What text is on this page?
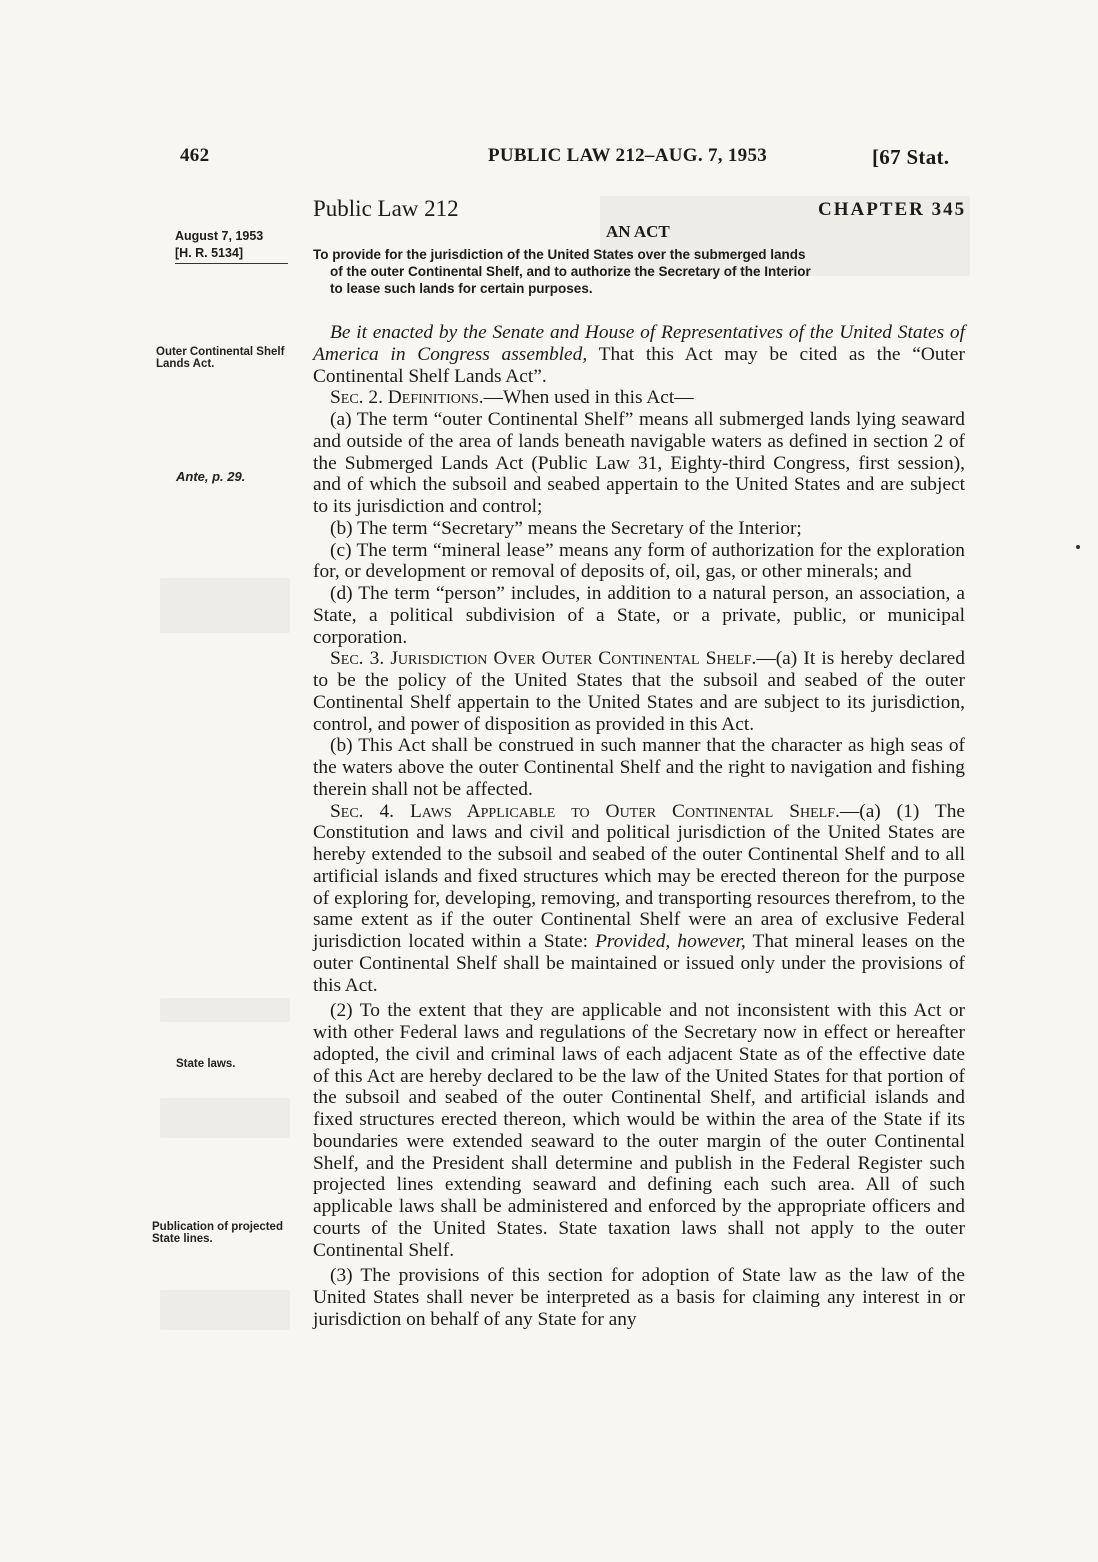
462	PUBLIC LAW 212–AUG. 7, 1953	[67 Stat.
Public Law 212	CHAPTER 345
AN ACT
August 7, 1953
[H. R. 5134]	To provide for the jurisdiction of the United States over the submerged lands
of the outer Continental Shelf, and to authorize the Secretary of the Interior
to lease such lands for certain purposes.
Outer Continental Shelf Lands Act.
Ante, p. 29.
State laws.
Publication of projected State lines.

Be it enacted by the Senate and House of Representatives of the United States of America in Congress assembled, That this Act may be cited as the “Outer Continental Shelf Lands Act”.

Sec. 2. Definitions.—When used in this Act—

(a) The term “outer Continental Shelf” means all submerged lands lying seaward and outside of the area of lands beneath navigable waters as defined in section 2 of the Submerged Lands Act (Public Law 31, Eighty-third Congress, first session), and of which the subsoil and seabed appertain to the United States and are subject to its jurisdiction and control;

(b) The term “Secretary” means the Secretary of the Interior;

(c) The term “mineral lease” means any form of authorization for the exploration for, or development or removal of deposits of, oil, gas, or other minerals; and

(d) The term “person” includes, in addition to a natural person, an association, a State, a political subdivision of a State, or a private, public, or municipal corporation.

Sec. 3. Jurisdiction Over Outer Continental Shelf.—(a) It is hereby declared to be the policy of the United States that the subsoil and seabed of the outer Continental Shelf appertain to the United States and are subject to its jurisdiction, control, and power of disposition as provided in this Act.

(b) This Act shall be construed in such manner that the character as high seas of the waters above the outer Continental Shelf and the right to navigation and fishing therein shall not be affected.

Sec. 4. Laws Applicable to Outer Continental Shelf.—(a) (1) The Constitution and laws and civil and political jurisdiction of the United States are hereby extended to the subsoil and seabed of the outer Continental Shelf and to all artificial islands and fixed structures which may be erected thereon for the purpose of exploring for, developing, removing, and transporting resources therefrom, to the same extent as if the outer Continental Shelf were an area of exclusive Federal jurisdiction located within a State: Provided, however, That mineral leases on the outer Continental Shelf shall be maintained or issued only under the provisions of this Act.

(2) To the extent that they are applicable and not inconsistent with this Act or with other Federal laws and regulations of the Secretary now in effect or hereafter adopted, the civil and criminal laws of each adjacent State as of the effective date of this Act are hereby declared to be the law of the United States for that portion of the subsoil and seabed of the outer Continental Shelf, and artificial islands and fixed structures erected thereon, which would be within the area of the State if its boundaries were extended seaward to the outer margin of the outer Continental Shelf, and the President shall determine and publish in the Federal Register such projected lines extending seaward and defining each such area. All of such applicable laws shall be administered and enforced by the appropriate officers and courts of the United States. State taxation laws shall not apply to the outer Continental Shelf.

(3) The provisions of this section for adoption of State law as the law of the United States shall never be interpreted as a basis for claiming any interest in or jurisdiction on behalf of any State for any
